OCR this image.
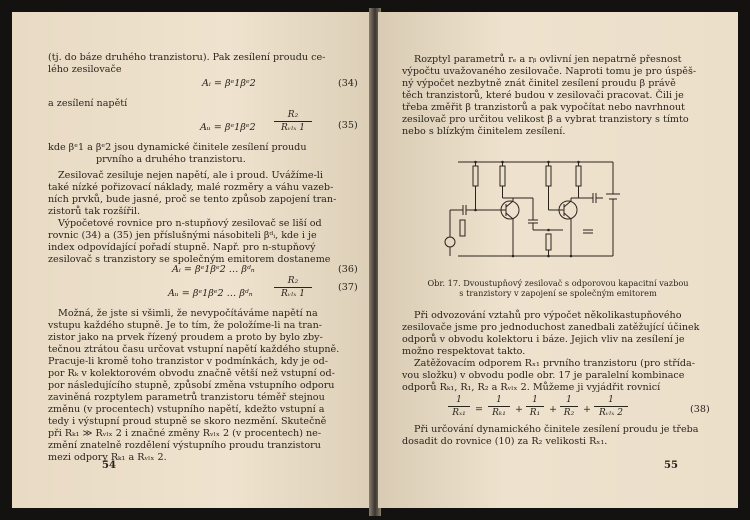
(tj. do báze druhého tranzistoru). Pak zesílení proudu ce-
lého zesilovače
Aᵢ = βᵉ1βᵉ2	(34)
a zesílení napětí
Aᵤ = βᵉ1βᵉ2
R₂
Rᵥₗₓ 1	(35)
kde βᵉ1 a βᵉ2 jsou dynamické činitele zesílení proudu
prvního a druhého tranzistoru.
Zesilovač zesiluje nejen napětí, ale i proud. Uvážíme-li
také nízké pořizovací náklady, malé rozměry a váhu vazeb-
ních prvků, bude jasné, proč se tento způsob zapojení tran-
zistorů tak rozšířil.
Výpočetové rovnice pro n-stupňový zesilovač se liší od
rovnic (34) a (35) jen příslušnými násobiteli βᵈᵢ, kde i je
index odpovídající pořadí stupně. Např. pro n-stupňový
zesilovač s tranzistory se společným emitorem dostaneme
Aᵢ = βᵉ1βᵉ2 … βᵈₙ	(36)
Aᵤ = βᵉ1βᵉ2 … βᵈₙ
R₂
Rᵥₗₓ 1
(37)
Možná, že jste si všimli, že nevypočítáváme napětí na
vstupu každého stupně. Je to tím, že položíme-li na tran-
zistor jako na prvek řízený proudem a proto by bylo zby-
tečnou ztrátou času určovat vstupní napětí každého stupně.
Pracuje-li kromě toho tranzistor v podmínkách, kdy je od-
por Rₖ v kolektorovém obvodu značně větší než vstupní od-
por následujícího stupně, způsobí změna vstupního odporu
zaviněná rozptylem parametrů tranzistoru téměř stejnou
změnu (v procentech) vstupního napětí, kdežto vstupní a
tedy i výstupní proud stupně se skoro nezmění. Skutečně
při Rₖ₁ ≫ Rᵥₗₓ 2 i značné změny Rᵥₗₓ 2 (v procentech) ne-
změní znatelně rozdělení výstupního proudu tranzistoru
mezi odpory Rₖ₁ a Rᵥₗₓ 2.
54
Rozptyl parametrů rₑ a rᵦ ovlivní jen nepatrně přesnost
výpočtu uvažovaného zesilovače. Naproti tomu je pro úspěš-
ný výpočet nezbytně znát činitel zesílení proudu β právě
těch tranzistorů, které budou v zesilovači pracovat. Čili je
třeba změřit β tranzistorů a pak vypočítat nebo navrhnout
zesilovač pro určitou velikost β a vybrat tranzistory s tímto
nebo s blízkým činitelem zesílení.
Obr. 17. Dvoustupňový zesilovač s odporovou kapacitní vazbou
s tranzistory v zapojení se společným emitorem
Při odvozování vztahů pro výpočet několikastupňového
zesilovače jsme pro jednoduchost zanedbali zatěžující účinek
odporů v obvodu kolektoru i báze. Jejich vliv na zesílení je
možno respektovat takto.
Zatěžovacím odporem Rₓ₁ prvního tranzistoru (pro střída-
vou složku) v obvodu podle obr. 17 je paralelní kombinace
odporů Rₖ₁, R₁, R₂ a Rᵥₗₓ 2. Můžeme ji vyjádřit rovnicí
1
Rₓ₁ =
1
Rₖ₁ +
1
R₁ +
1
R₂ +
1
Rᵥₗₓ 2	(38)
Při určování dynamického činitele zesílení proudu je třeba
dosadit do rovnice (10) za R₂ velikosti Rₓ₁.
55
